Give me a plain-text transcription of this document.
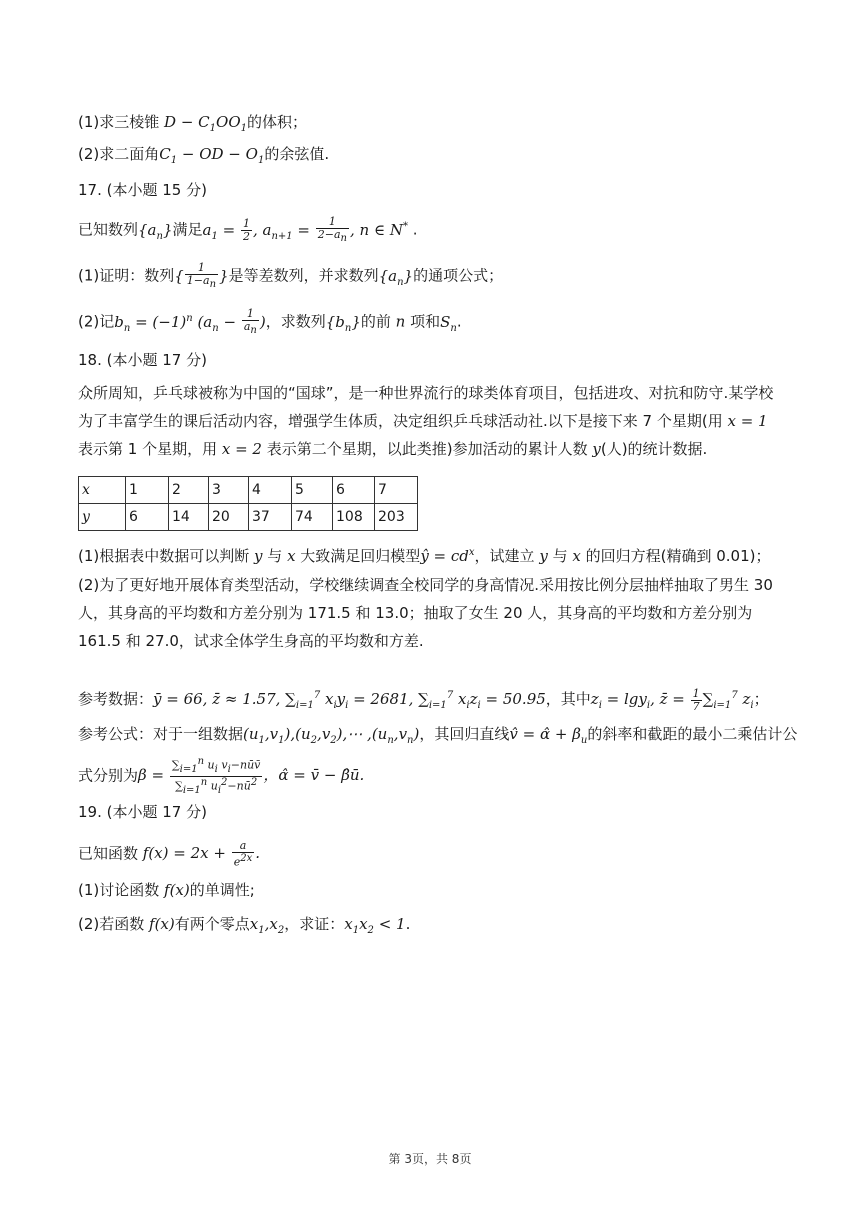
(1)求三棱锥 $D - C_1OO_1$的体积；
(2)求二面角$C_1$ − OD − $O_1$的余弦值.
17. (本小题 15 分)
已知数列$\{a_n\}$满足$a_1 = \frac{1}{2}$ , $a_{n+1} = \frac{1}{2-a_n}$ , n ∈ N* .
(1)证明：数列{ $\frac{1}{1-a_n}$ }是等差数列，并求数列$\{a_n\}$的通项公式；
(2)记$b_n = (-1)^n$ ($a_n - \frac{1}{a_n}$ )，求数列$\{b_n\}$的前 n 项和$S_n$.
18. (本小题 17 分)
众所周知，乒乓球被称为中国的“国球”，是一种世界流行的球类体育项目，包括进攻、对抗和防守.某学校为了丰富学生的课后活动内容，增强学生体质，决定组织乒乓球活动社.以下是接下来 7 个星期(用 x = 1表示第 1 个星期，用 x = 2 表示第二个星期，以此类推)参加活动的累计人数 y(人)的统计数据.
x	1	2	3	4	5	6	7
y	6	14	20	37	74	108	203
(1)根据表中数据可以判断 y 与 x 大致满足回归模型ŷ = $cd^x$，试建立 y 与 x 的回归方程(精确到 0.01)；
(2)为了更好地开展体育类型活动，学校继续调查全校同学的身高情况.采用按比例分层抽样抽取了男生 30 人，其身高的平均数和方差分别为 171.5 和 13.0；抽取了女生 20 人，其身高的平均数和方差分别为 161.5 和 27.0，试求全体学生身高的平均数和方差.
参考数据：ȳ = 66, z̄ ≈ 1.57, $\sum_{i=1}^7$ $x_iy_i = 2681$, $\sum_{i=1}^7$ $x_iz_i = 50.95$，其中$z_i = \lg y_i$, z̄ = $\frac{1}{7} \sum_{i=1}^7$ $z_i$；
参考公式：对于一组数据$(u_1,v_1),(u_2,v_2),\cdots$ $,(u_n,v_n)$，其回归直线v̂ = α̂ + $\beta_u$的斜率和截距的最小二乘估计公
式分别为$\beta = \frac{\sum_{i=1}^n u_i v_i-nūv̄}{\sum_{i=1}^n u_i^2-nū^2}$ ，α̂ = v̄ − β̂ū.
19. (本小题 17 分)
已知函数 $f(x) = 2x + \frac{a}{e^{2x}}$ .
(1)讨论函数 f(x)的单调性;
(2)若函数 f(x)有两个零点$x_1,x_2$，求证：$x_1x_2 < 1$.
第 3页，共 8页
